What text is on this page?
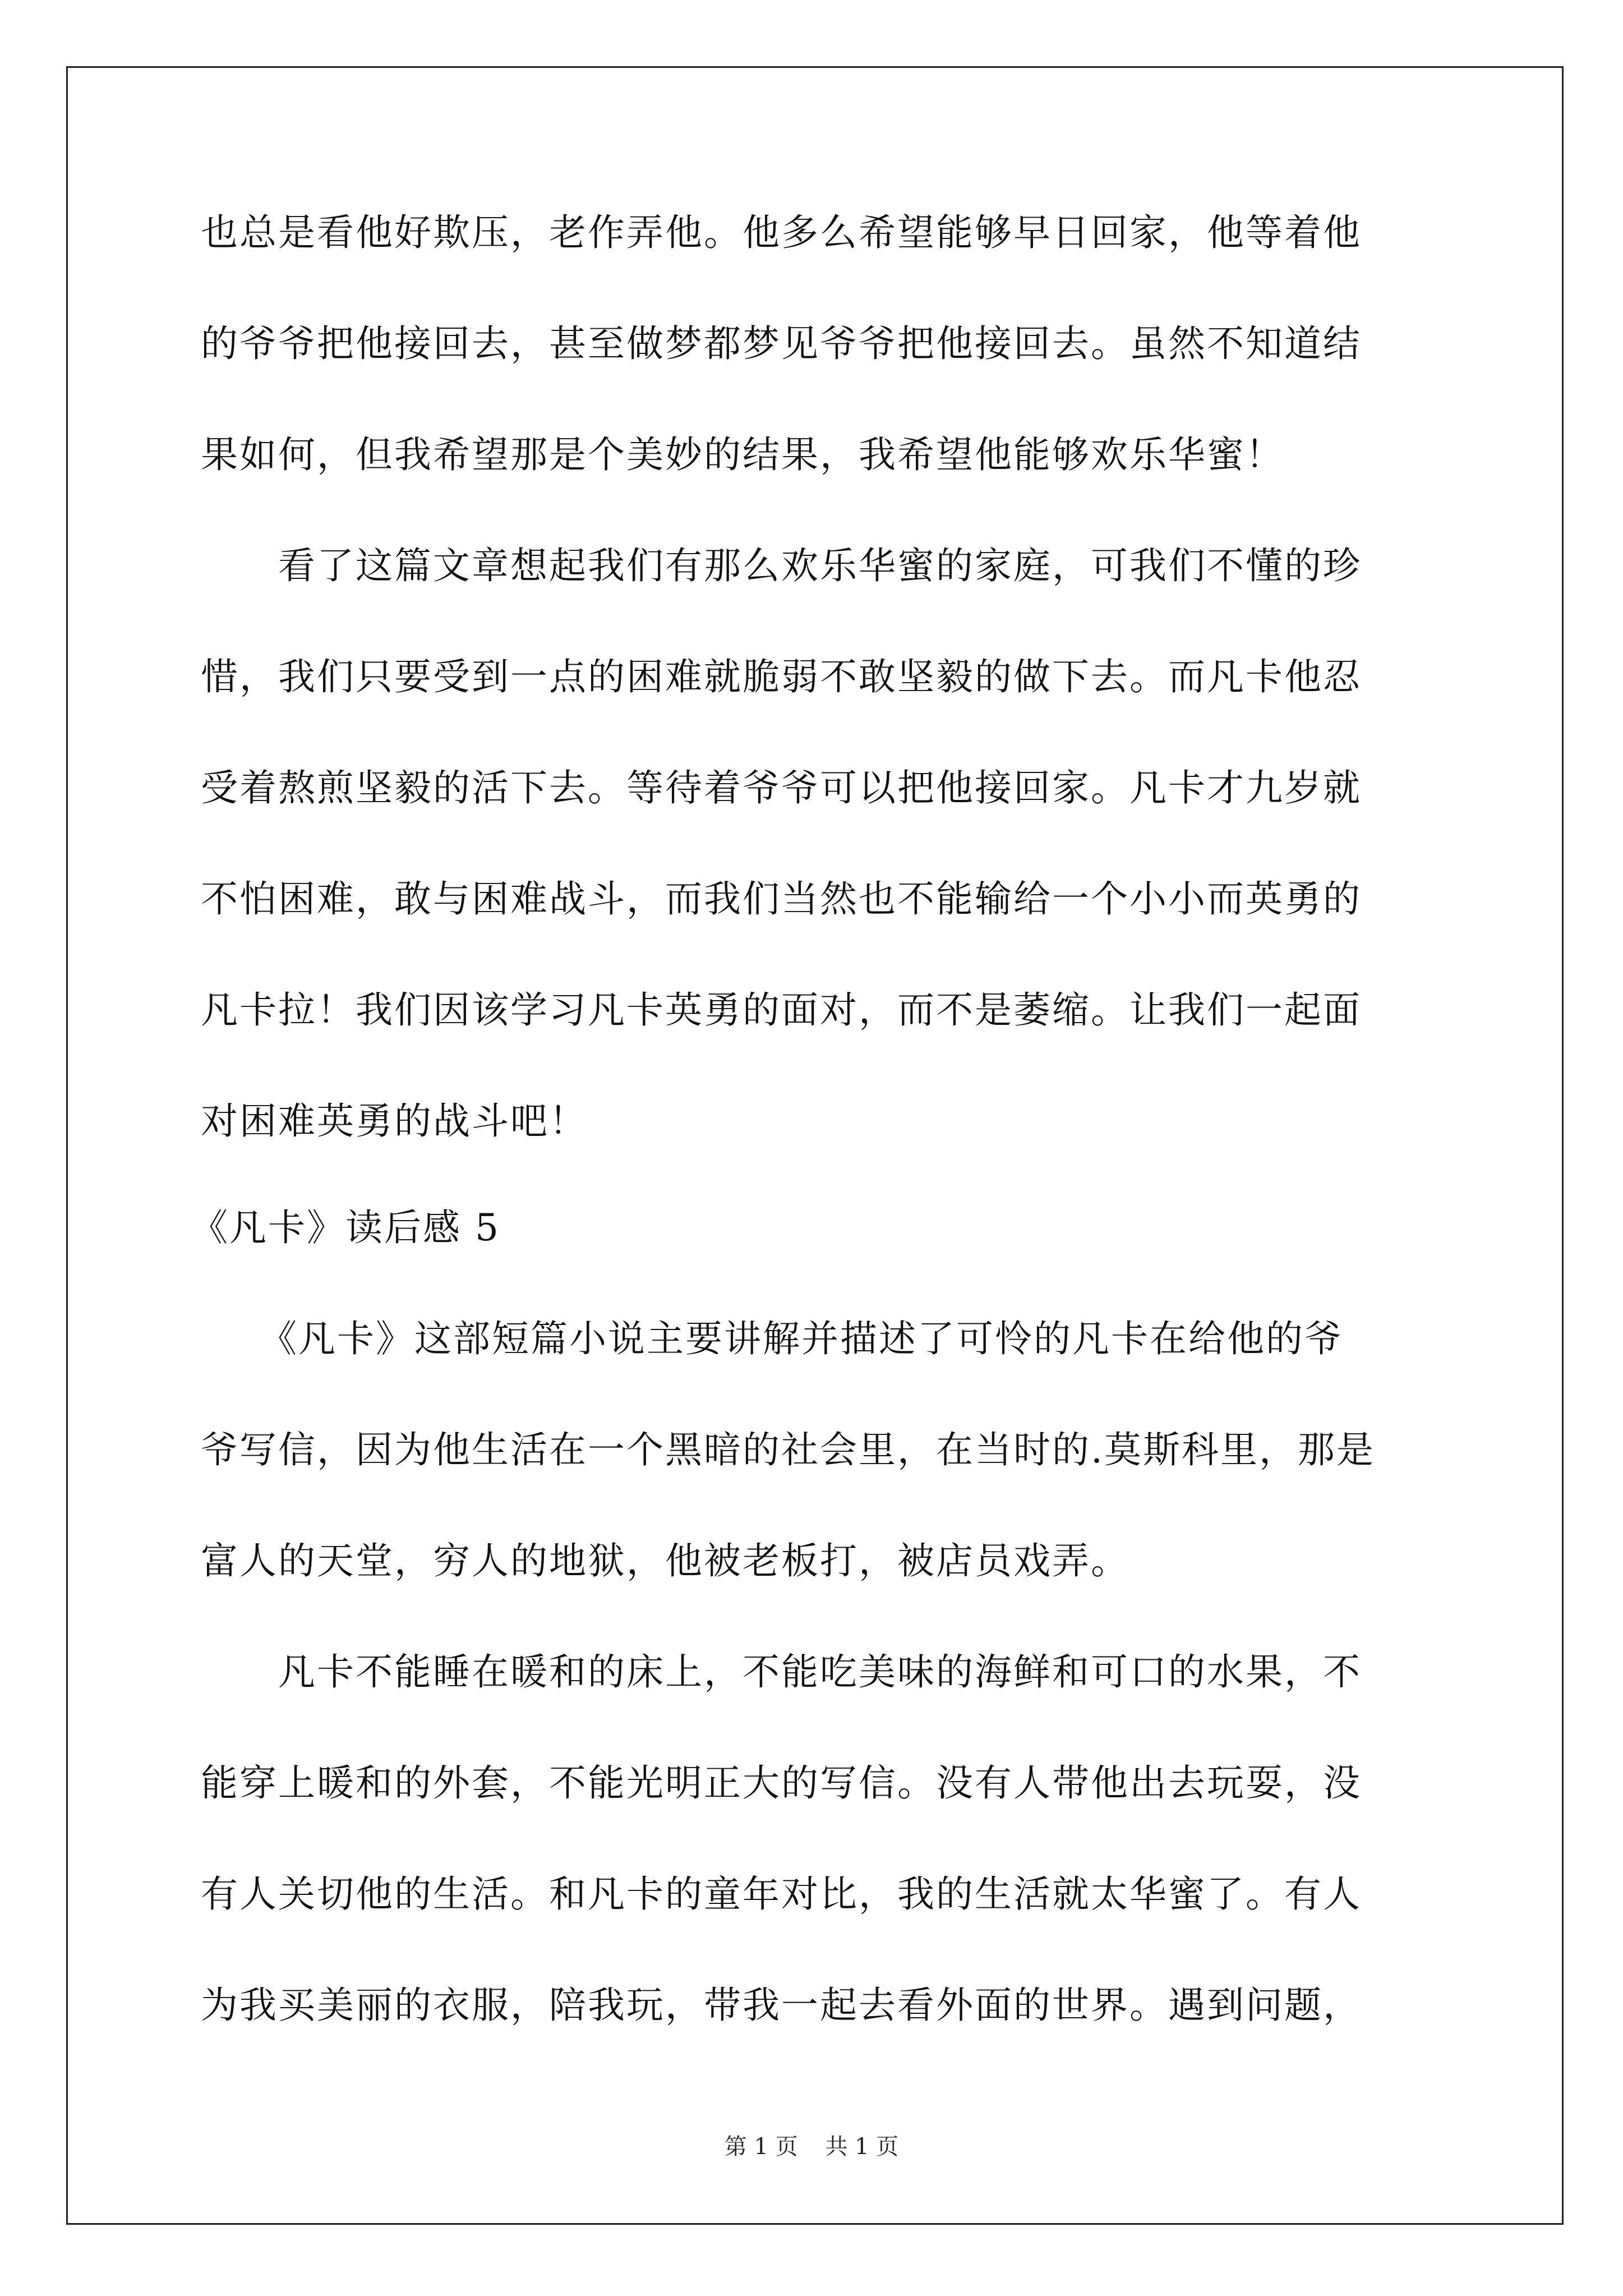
也总是看他好欺压，老作弄他。他多么希望能够早日回家，他等着他

的爷爷把他接回去，甚至做梦都梦见爷爷把他接回去。虽然不知道结

果如何，但我希望那是个美妙的结果，我希望他能够欢乐华蜜！

　　看了这篇文章想起我们有那么欢乐华蜜的家庭，可我们不懂的珍

惜，我们只要受到一点的困难就脆弱不敢坚毅的做下去。而凡卡他忍

受着熬煎坚毅的活下去。等待着爷爷可以把他接回家。凡卡才九岁就

不怕困难，敢与困难战斗，而我们当然也不能输给一个小小而英勇的

凡卡拉！我们因该学习凡卡英勇的面对，而不是萎缩。让我们一起面

对困难英勇的战斗吧！

《凡卡》读后感 5

　　《凡卡》这部短篇小说主要讲解并描述了可怜的凡卡在给他的爷

爷写信，因为他生活在一个黑暗的社会里，在当时的.莫斯科里，那是

富人的天堂，穷人的地狱，他被老板打，被店员戏弄。

　　凡卡不能睡在暖和的床上，不能吃美味的海鲜和可口的水果，不

能穿上暖和的外套，不能光明正大的写信。没有人带他出去玩耍，没

有人关切他的生活。和凡卡的童年对比，我的生活就太华蜜了。有人

为我买美丽的衣服，陪我玩，带我一起去看外面的世界。遇到问题，

第 1 页 共 1 页
